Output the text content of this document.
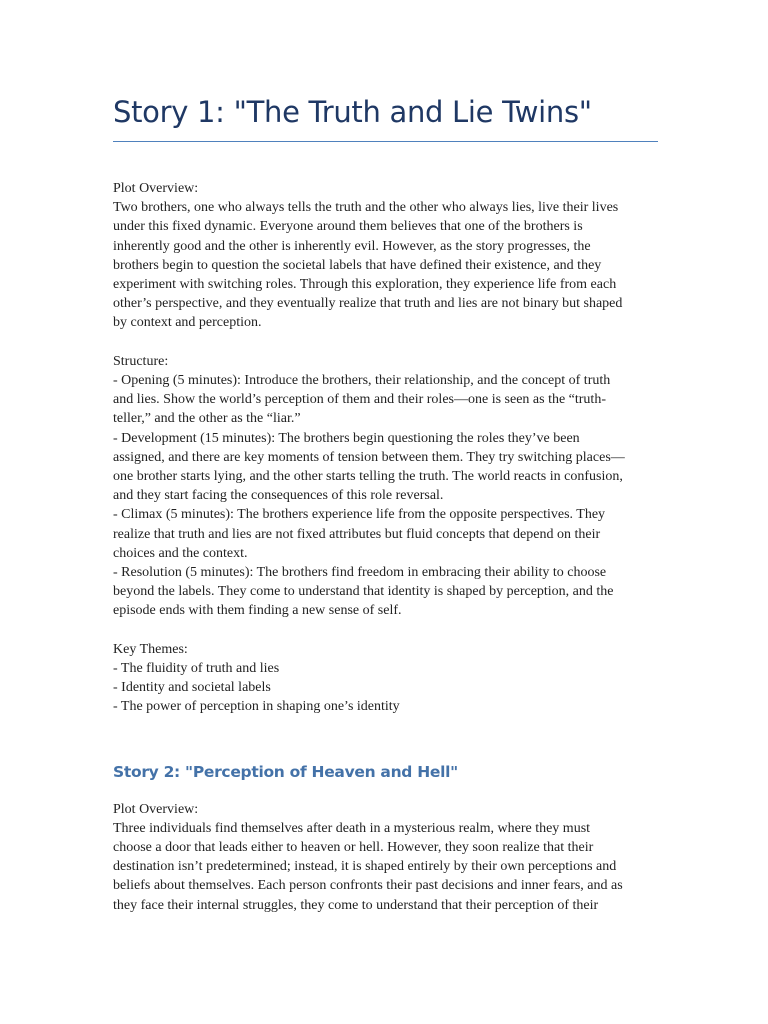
Story 1: "The Truth and Lie Twins"
Plot Overview:
Two brothers, one who always tells the truth and the other who always lies, live their lives
under this fixed dynamic. Everyone around them believes that one of the brothers is
inherently good and the other is inherently evil. However, as the story progresses, the
brothers begin to question the societal labels that have defined their existence, and they
experiment with switching roles. Through this exploration, they experience life from each
other’s perspective, and they eventually realize that truth and lies are not binary but shaped
by context and perception.
Structure:
- Opening (5 minutes): Introduce the brothers, their relationship, and the concept of truth
and lies. Show the world’s perception of them and their roles—one is seen as the “truth-
teller,” and the other as the “liar.”
- Development (15 minutes): The brothers begin questioning the roles they’ve been
assigned, and there are key moments of tension between them. They try switching places—
one brother starts lying, and the other starts telling the truth. The world reacts in confusion,
and they start facing the consequences of this role reversal.
- Climax (5 minutes): The brothers experience life from the opposite perspectives. They
realize that truth and lies are not fixed attributes but fluid concepts that depend on their
choices and the context.
- Resolution (5 minutes): The brothers find freedom in embracing their ability to choose
beyond the labels. They come to understand that identity is shaped by perception, and the
episode ends with them finding a new sense of self.
Key Themes:
- The fluidity of truth and lies
- Identity and societal labels
- The power of perception in shaping one’s identity
Story 2: "Perception of Heaven and Hell"
Plot Overview:
Three individuals find themselves after death in a mysterious realm, where they must
choose a door that leads either to heaven or hell. However, they soon realize that their
destination isn’t predetermined; instead, it is shaped entirely by their own perceptions and
beliefs about themselves. Each person confronts their past decisions and inner fears, and as
they face their internal struggles, they come to understand that their perception of their
